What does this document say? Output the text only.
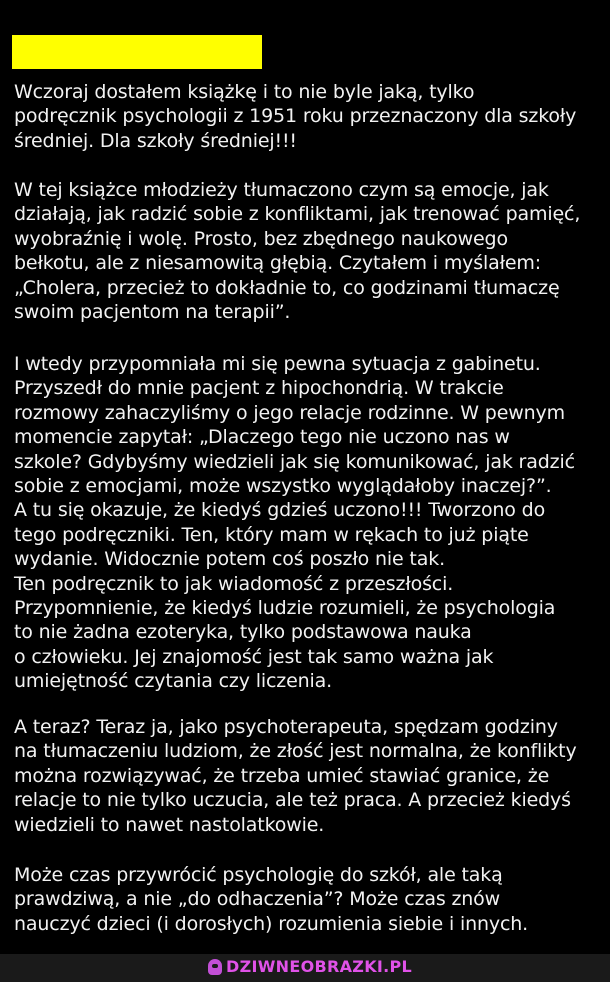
Wczoraj dostałem książkę i to nie byle jaką, tylko
podręcznik psychologii z 1951 roku przeznaczony dla szkoły
średniej. Dla szkoły średniej!!!

W tej książce młodzieży tłumaczono czym są emocje, jak
działają, jak radzić sobie z konfliktami, jak trenować pamięć,
wyobraźnię i wolę. Prosto, bez zbędnego naukowego
bełkotu, ale z niesamowitą głębią. Czytałem i myślałem:
„Cholera, przecież to dokładnie to, co godzinami tłumaczę
swoim pacjentom na terapii”.

I wtedy przypomniała mi się pewna sytuacja z gabinetu.
Przyszedł do mnie pacjent z hipochondrią. W trakcie
rozmowy zahaczyliśmy o jego relacje rodzinne. W pewnym
momencie zapytał: „Dlaczego tego nie uczono nas w
szkole? Gdybyśmy wiedzieli jak się komunikować, jak radzić
sobie z emocjami, może wszystko wyglądałoby inaczej?”.
A tu się okazuje, że kiedyś gdzieś uczono!!! Tworzono do
tego podręczniki. Ten, który mam w rękach to już piąte
wydanie. Widocznie potem coś poszło nie tak.
Ten podręcznik to jak wiadomość z przeszłości.
Przypomnienie, że kiedyś ludzie rozumieli, że psychologia
to nie żadna ezoteryka, tylko podstawowa nauka
o człowieku. Jej znajomość jest tak samo ważna jak
umiejętność czytania czy liczenia.

A teraz? Teraz ja, jako psychoterapeuta, spędzam godziny
na tłumaczeniu ludziom, że złość jest normalna, że konflikty
można rozwiązywać, że trzeba umieć stawiać granice, że
relacje to nie tylko uczucia, ale też praca. A przecież kiedyś
wiedzieli to nawet nastolatkowie.

Może czas przywrócić psychologię do szkół, ale taką
prawdziwą, a nie „do odhaczenia”? Może czas znów
nauczyć dzieci (i dorosłych) rozumienia siebie i innych.

DZIWNEOBRAZKI.PL
